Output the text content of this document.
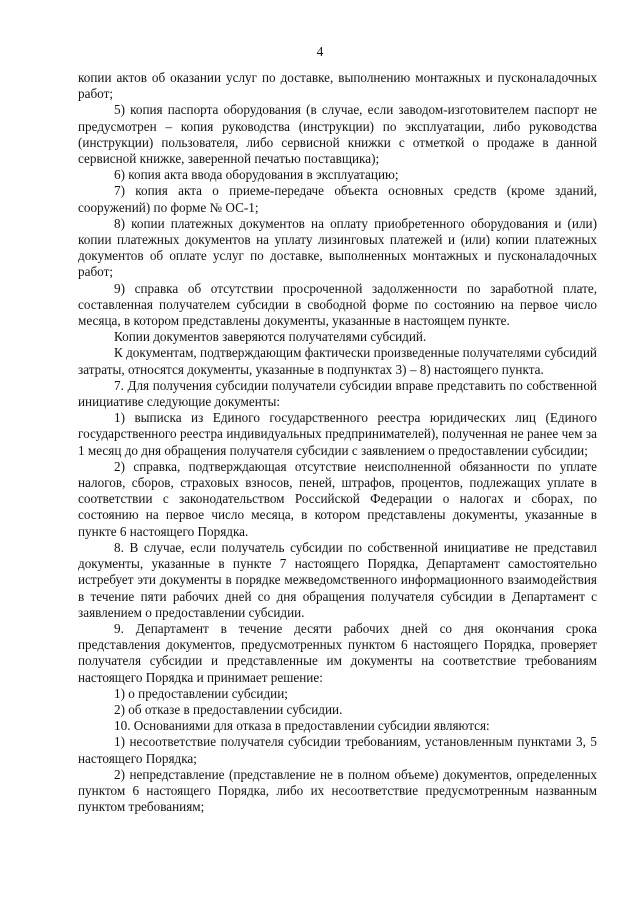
4

копии актов об оказании услуг по доставке, выполнению монтажных и пусконаладочных работ;

5) копия паспорта оборудования (в случае, если заводом-изготовителем паспорт не предусмотрен – копия руководства (инструкции) по эксплуатации, либо руководства (инструкции) пользователя, либо сервисной книжки с отметкой о продаже в данной сервисной книжке, заверенной печатью поставщика);

6) копия акта ввода оборудования в эксплуатацию;

7) копия акта о приеме-передаче объекта основных средств (кроме зданий, сооружений) по форме № ОС-1;

8) копии платежных документов на оплату приобретенного оборудования и (или) копии платежных документов на уплату лизинговых платежей и (или) копии платежных документов об оплате услуг по доставке, выполненных монтажных и пусконаладочных работ;

9) справка об отсутствии просроченной задолженности по заработной плате, составленная получателем субсидии в свободной форме по состоянию на первое число месяца, в котором представлены документы, указанные в настоящем пункте.

Копии документов заверяются получателями субсидий.

К документам, подтверждающим фактически произведенные получателями субсидий затраты, относятся документы, указанные в подпунктах 3) – 8) настоящего пункта.

7. Для получения субсидии получатели субсидии вправе представить по собственной инициативе следующие документы:

1) выписка из Единого государственного реестра юридических лиц (Единого государственного реестра индивидуальных предпринимателей), полученная не ранее чем за 1 месяц до дня обращения получателя субсидии с заявлением о предоставлении субсидии;

2) справка, подтверждающая отсутствие неисполненной обязанности по уплате налогов, сборов, страховых взносов, пеней, штрафов, процентов, подлежащих уплате в соответствии с законодательством Российской Федерации о налогах и сборах, по состоянию на первое число месяца, в котором представлены документы, указанные в пункте 6 настоящего Порядка.

8. В случае, если получатель субсидии по собственной инициативе не представил документы, указанные в пункте 7 настоящего Порядка, Департамент самостоятельно истребует эти документы в порядке межведомственного информационного взаимодействия в течение пяти рабочих дней со дня обращения получателя субсидии в Департамент с заявлением о предоставлении субсидии.

9. Департамент в течение десяти рабочих дней со дня окончания срока представления документов, предусмотренных пунктом 6 настоящего Порядка, проверяет получателя субсидии и представленные им документы на соответствие требованиям настоящего Порядка и принимает решение:

1) о предоставлении субсидии;

2) об отказе в предоставлении субсидии.

10. Основаниями для отказа в предоставлении субсидии являются:

1) несоответствие получателя субсидии требованиям, установленным пунктами 3, 5 настоящего Порядка;

2) непредставление (представление не в полном объеме) документов, определенных пунктом 6 настоящего Порядка, либо их несоответствие предусмотренным названным пунктом требованиям;
